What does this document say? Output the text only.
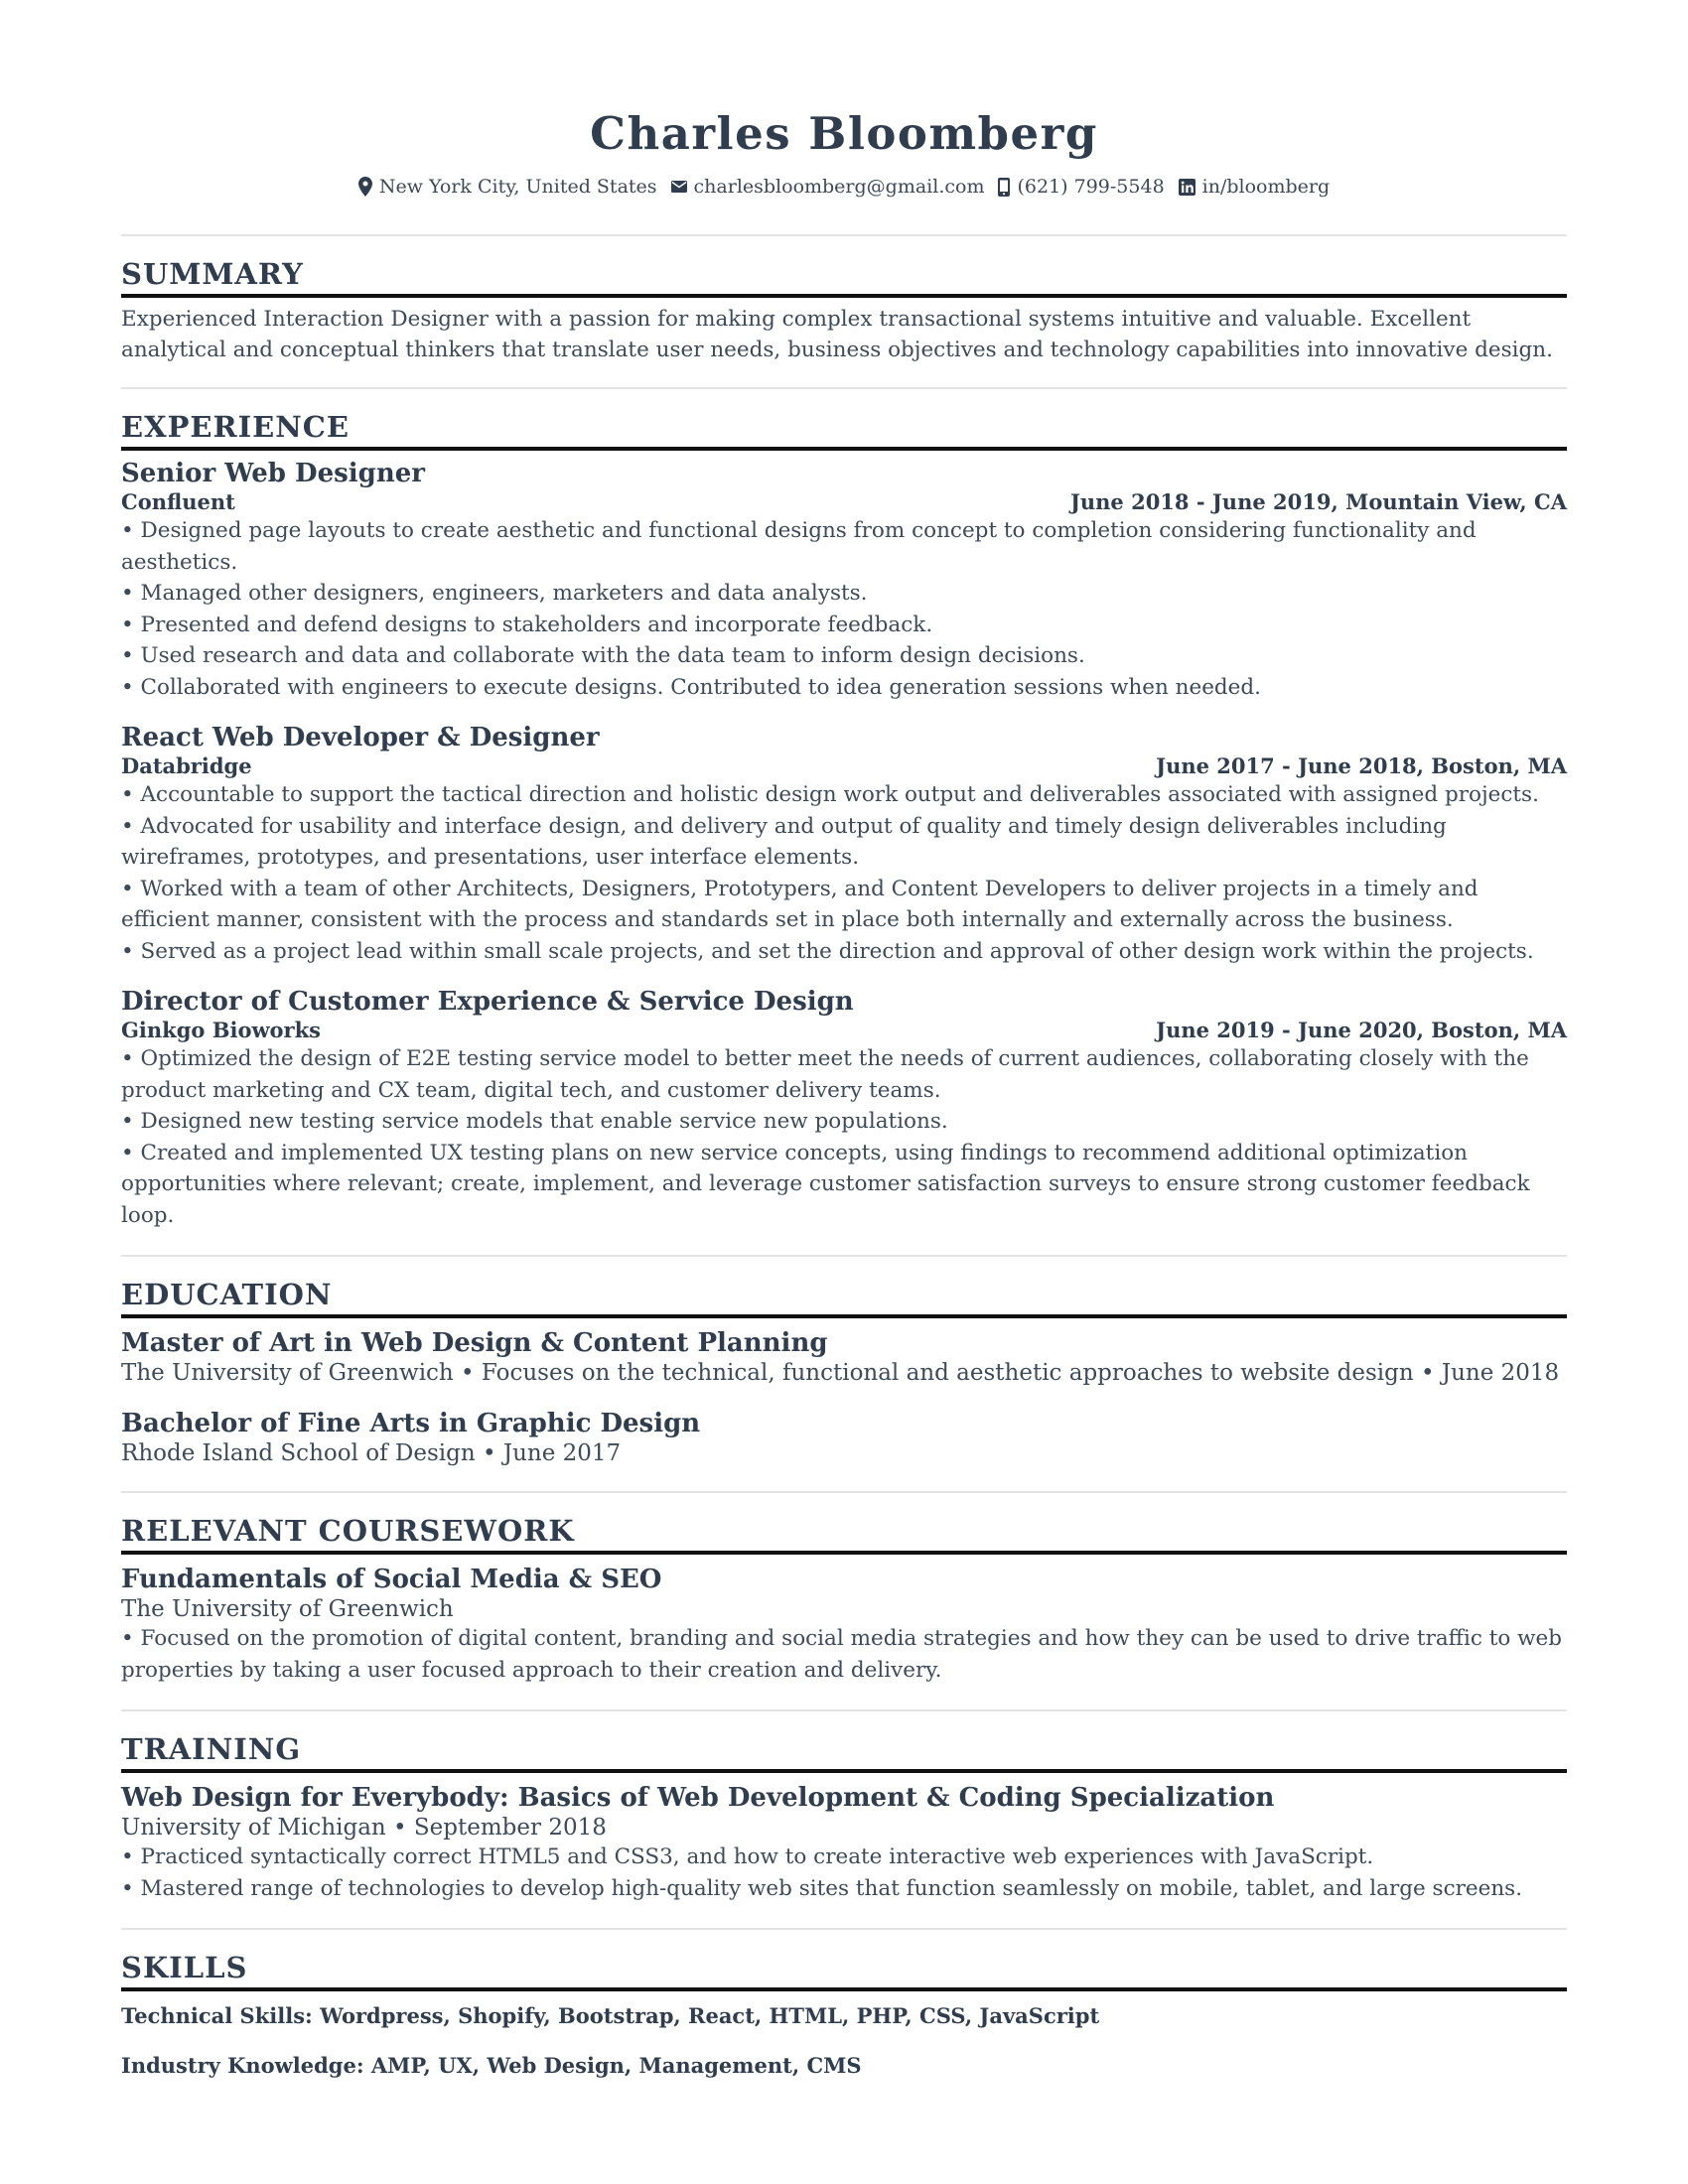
Charles Bloomberg
New York City, United States charlesbloomberg@gmail.com (621) 799-5548 in/bloomberg
SUMMARY

Experienced Interaction Designer with a passion for making complex transactional systems intuitive and valuable. Excellent analytical and conceptual thinkers that translate user needs, business objectives and technology capabilities into innovative design.

EXPERIENCE
Senior Web Designer
Confluent	June 2018 - June 2019, Mountain View, CA
• Designed page layouts to create aesthetic and functional designs from concept to completion considering functionality and aesthetics.
• Managed other designers, engineers, marketers and data analysts.
• Presented and defend designs to stakeholders and incorporate feedback.
• Used research and data and collaborate with the data team to inform design decisions.
• Collaborated with engineers to execute designs. Contributed to idea generation sessions when needed.
React Web Developer & Designer
Databridge	June 2017 - June 2018, Boston, MA
• Accountable to support the tactical direction and holistic design work output and deliverables associated with assigned projects.
• Advocated for usability and interface design, and delivery and output of quality and timely design deliverables including wireframes, prototypes, and presentations, user interface elements.
• Worked with a team of other Architects, Designers, Prototypers, and Content Developers to deliver projects in a timely and efficient manner, consistent with the process and standards set in place both internally and externally across the business.
• Served as a project lead within small scale projects, and set the direction and approval of other design work within the projects.
Director of Customer Experience & Service Design
Ginkgo Bioworks	June 2019 - June 2020, Boston, MA
• Optimized the design of E2E testing service model to better meet the needs of current audiences, collaborating closely with the product marketing and CX team, digital tech, and customer delivery teams.
• Designed new testing service models that enable service new populations.
• Created and implemented UX testing plans on new service concepts, using findings to recommend additional optimization opportunities where relevant; create, implement, and leverage customer satisfaction surveys to ensure strong customer feedback loop.
EDUCATION
Master of Art in Web Design & Content Planning
The University of Greenwich • Focuses on the technical, functional and aesthetic approaches to website design • June 2018
Bachelor of Fine Arts in Graphic Design
Rhode Island School of Design • June 2017
RELEVANT COURSEWORK
Fundamentals of Social Media & SEO
The University of Greenwich
• Focused on the promotion of digital content, branding and social media strategies and how they can be used to drive traffic to web properties by taking a user focused approach to their creation and delivery.
TRAINING
Web Design for Everybody: Basics of Web Development & Coding Specialization
University of Michigan • September 2018
• Practiced syntactically correct HTML5 and CSS3, and how to create interactive web experiences with JavaScript.
• Mastered range of technologies to develop high-quality web sites that function seamlessly on mobile, tablet, and large screens.
SKILLS
Technical Skills: Wordpress, Shopify, Bootstrap, React, HTML, PHP, CSS, JavaScript
Industry Knowledge: AMP, UX, Web Design, Management, CMS
